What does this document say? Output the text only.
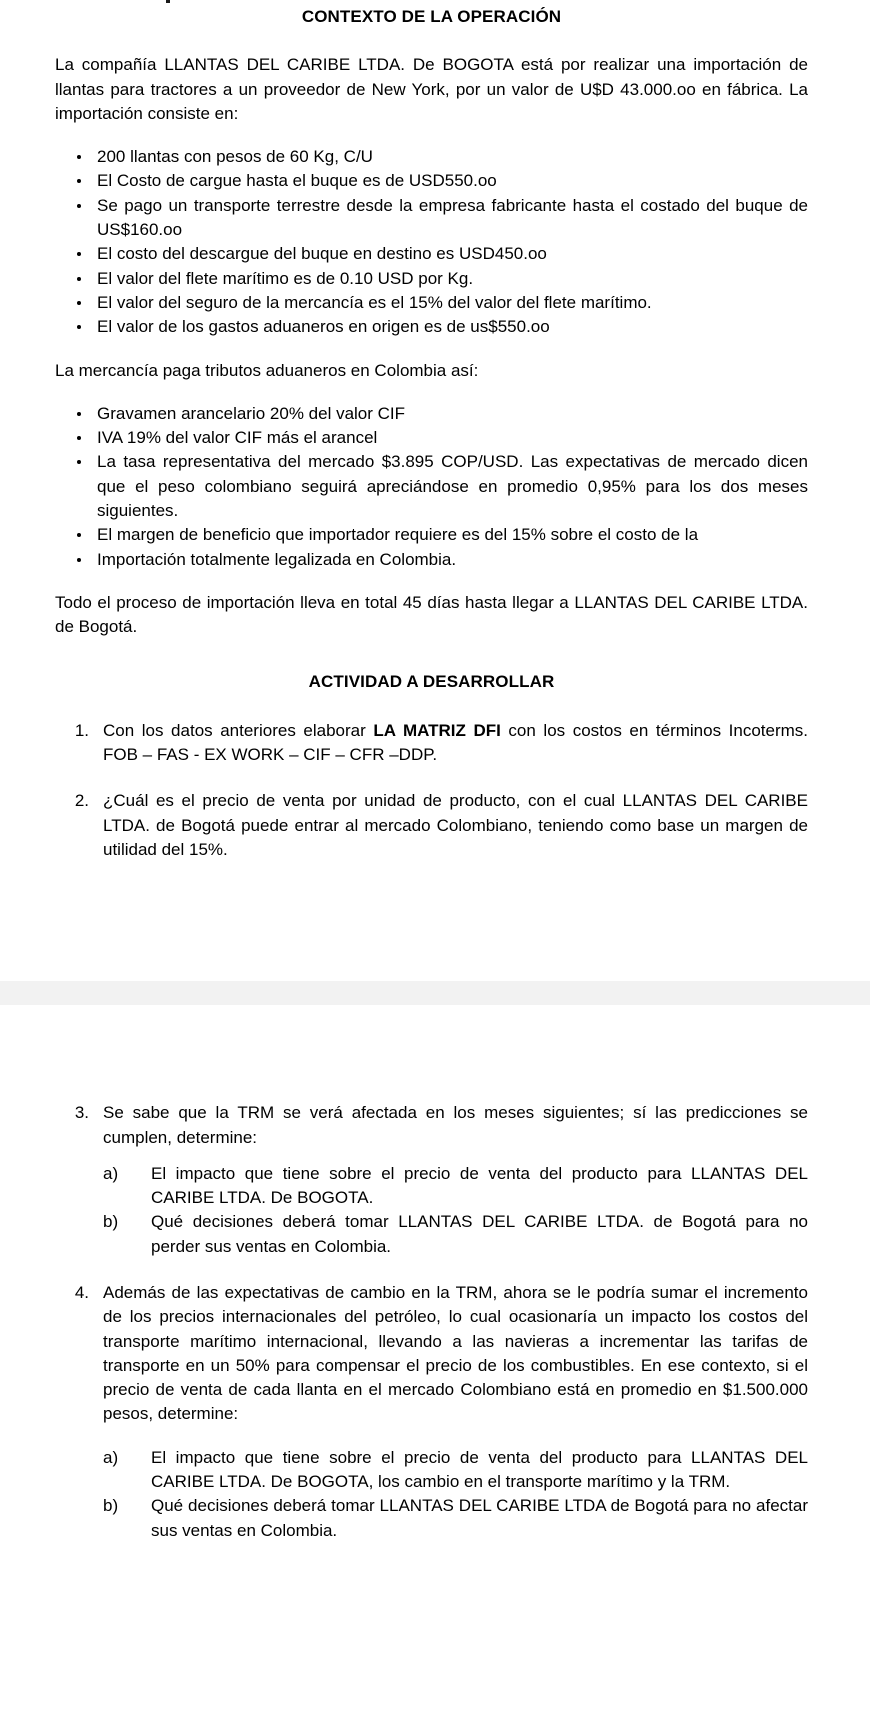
CONTEXTO DE LA OPERACIÓN

La compañía LLANTAS DEL CARIBE LTDA. De BOGOTA está por realizar una importación de llantas para tractores a un proveedor de New York, por un valor de U$D 43.000.oo en fábrica. La importación consiste en:

200 llantas con pesos de 60 Kg, C/U
El Costo de cargue hasta el buque es de USD550.oo
Se pago un transporte terrestre desde la empresa fabricante hasta el costado del buque de US$160.oo
El costo del descargue del buque en destino es USD450.oo
El valor del flete marítimo es de 0.10 USD por Kg.
El valor del seguro de la mercancía es el 15% del valor del flete marítimo.
El valor de los gastos aduaneros en origen es de us$550.oo

La mercancía paga tributos aduaneros en Colombia así:

Gravamen arancelario 20% del valor CIF
IVA 19% del valor CIF más el arancel
La tasa representativa del mercado $3.895 COP/USD. Las expectativas de mercado dicen que el peso colombiano seguirá apreciándose en promedio 0,95% para los dos meses siguientes.
El margen de beneficio que importador requiere es del 15% sobre el costo de la
Importación totalmente legalizada en Colombia.

Todo el proceso de importación lleva en total 45 días hasta llegar a LLANTAS DEL CARIBE LTDA. de Bogotá.

ACTIVIDAD A DESARROLLAR
1. Con los datos anteriores elaborar LA MATRIZ DFI con los costos en términos Incoterms. FOB – FAS - EX WORK – CIF – CFR –DDP.
2. ¿Cuál es el precio de venta por unidad de producto, con el cual LLANTAS DEL CARIBE LTDA. de Bogotá puede entrar al mercado Colombiano, teniendo como base un margen de utilidad del 15%.
3. Se sabe que la TRM se verá afectada en los meses siguientes; sí las predicciones se cumplen, determine:
a)	El impacto que tiene sobre el precio de venta del producto para LLANTAS DEL CARIBE LTDA. De BOGOTA.
b)	Qué decisiones deberá tomar LLANTAS DEL CARIBE LTDA. de Bogotá para no perder sus ventas en Colombia.
4. Además de las expectativas de cambio en la TRM, ahora se le podría sumar el incremento de los precios internacionales del petróleo, lo cual ocasionaría un impacto los costos del transporte marítimo internacional, llevando a las navieras a incrementar las tarifas de transporte en un 50% para compensar el precio de los combustibles. En ese contexto, si el precio de venta de cada llanta en el mercado Colombiano está en promedio en $1.500.000 pesos, determine:
a)	El impacto que tiene sobre el precio de venta del producto para LLANTAS DEL CARIBE LTDA. De BOGOTA, los cambio en el transporte marítimo y la TRM.
b)	Qué decisiones deberá tomar LLANTAS DEL CARIBE LTDA de Bogotá para no afectar sus ventas en Colombia.
